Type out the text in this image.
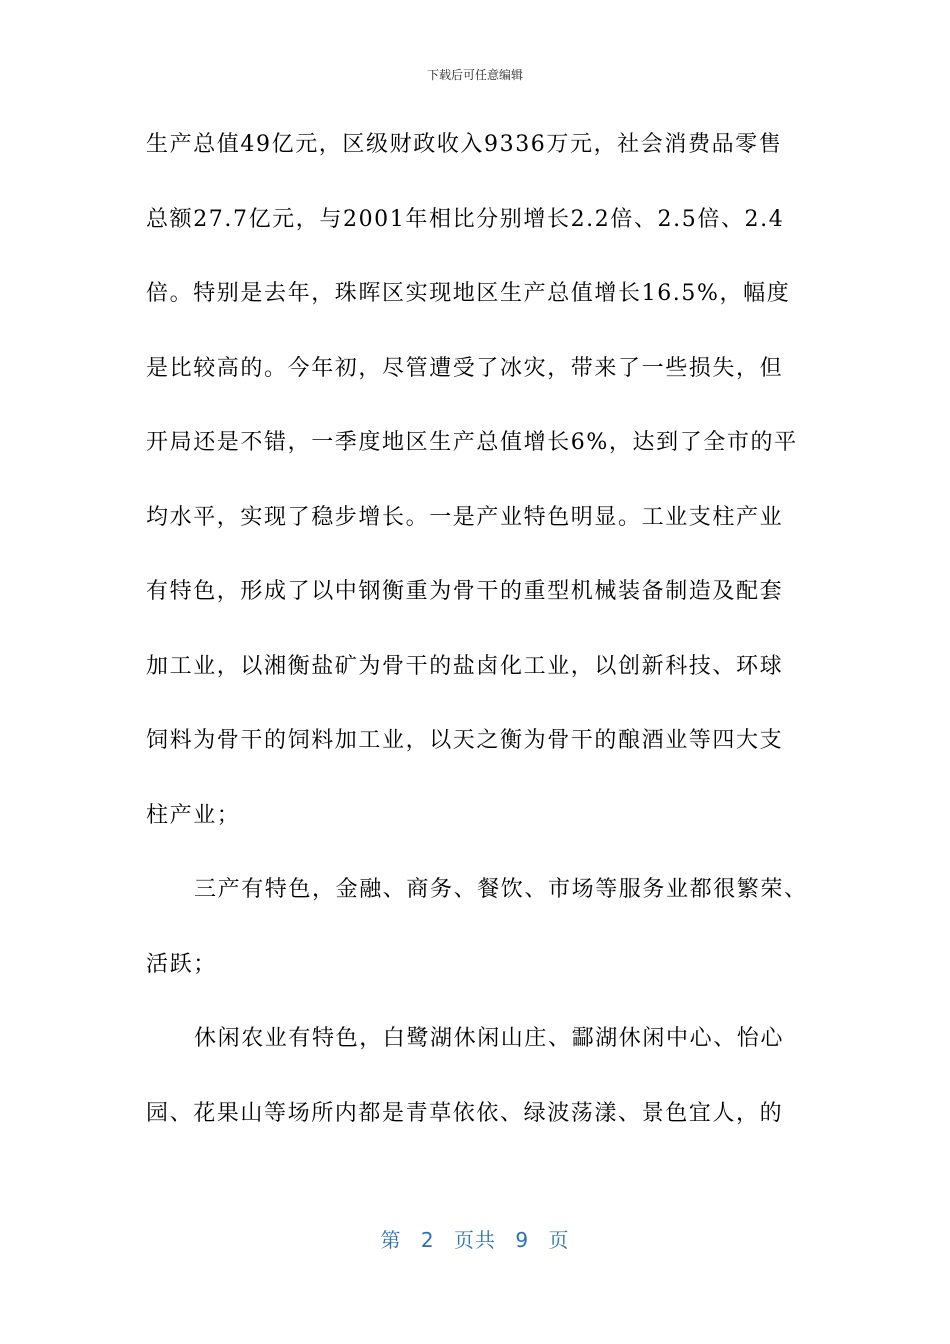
下载后可任意编辑
生产总值49亿元，区级财政收入9336万元，社会消费品零售
总额27.7亿元，与2001年相比分别增长2.2倍、2.5倍、2.4
倍。特别是去年，珠晖区实现地区生产总值增长16.5%，幅度
是比较高的。今年初，尽管遭受了冰灾，带来了一些损失，但
开局还是不错，一季度地区生产总值增长6%，达到了全市的平
均水平，实现了稳步增长。一是产业特色明显。工业支柱产业
有特色，形成了以中钢衡重为骨干的重型机械装备制造及配套
加工业，以湘衡盐矿为骨干的盐卤化工业，以创新科技、环球
饲料为骨干的饲料加工业，以天之衡为骨干的酿酒业等四大支
柱产业；
三产有特色，金融、商务、餐饮、市场等服务业都很繁荣、
活跃；
休闲农业有特色，白鹭湖休闲山庄、酃湖休闲中心、怡心
园、花果山等场所内都是青草依依、绿波荡漾、景色宜人，的
第 2 页共 9 页
